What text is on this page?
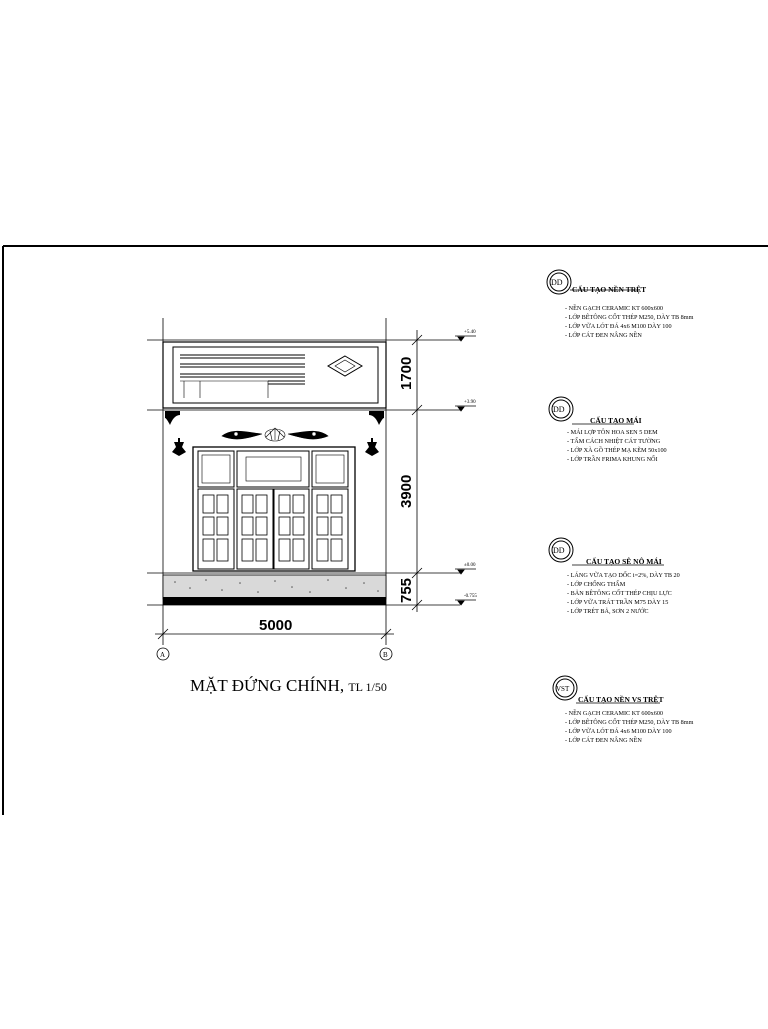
1700
3900
755
5000
+5.40
+3.90
±0.00
-0.755
A	B
DD
DD
DD
VST
MẶT ĐỨNG CHÍNH, TL 1/50
CẤU TẠO NỀN TRỆT
- NỀN GẠCH CERAMIC KT 600x600
- LỚP BÊTÔNG CỐT THÉP M250, DÀY TB 8mm
- LỚP VỮA LÓT ĐÁ 4x6 M100 DÀY 100
- LỚP CÁT ĐEN NÂNG NỀN
CẤU TẠO MÁI
- MÁI LỢP TÔN HOA SEN 5 DEM
- TẤM CÁCH NHIỆT CÁT TƯỜNG
- LỚP XÀ GỒ THÉP MẠ KẼM 50x100
- LỚP TRẦN FRIMA KHUNG NỔI
CẤU TẠO SÊ NÔ MÁI
- LÁNG VỮA TẠO DỐC i=2%, DÀY TB 20
- LỚP CHỐNG THẤM
- BẢN BÊTÔNG CỐT THÉP CHỊU LỰC
- LỚP VỮA TRÁT TRẦN M75 DÀY 15
- LỚP TRÉT BẢ, SƠN 2 NƯỚC
CẤU TẠO NỀN VS TRỆT
- NỀN GẠCH CERAMIC KT 600x600
- LỚP BÊTÔNG CỐT THÉP M250, DÀY TB 8mm
- LỚP VỮA LÓT ĐÁ 4x6 M100 DÀY 100
- LỚP CÁT ĐEN NÂNG NỀN
